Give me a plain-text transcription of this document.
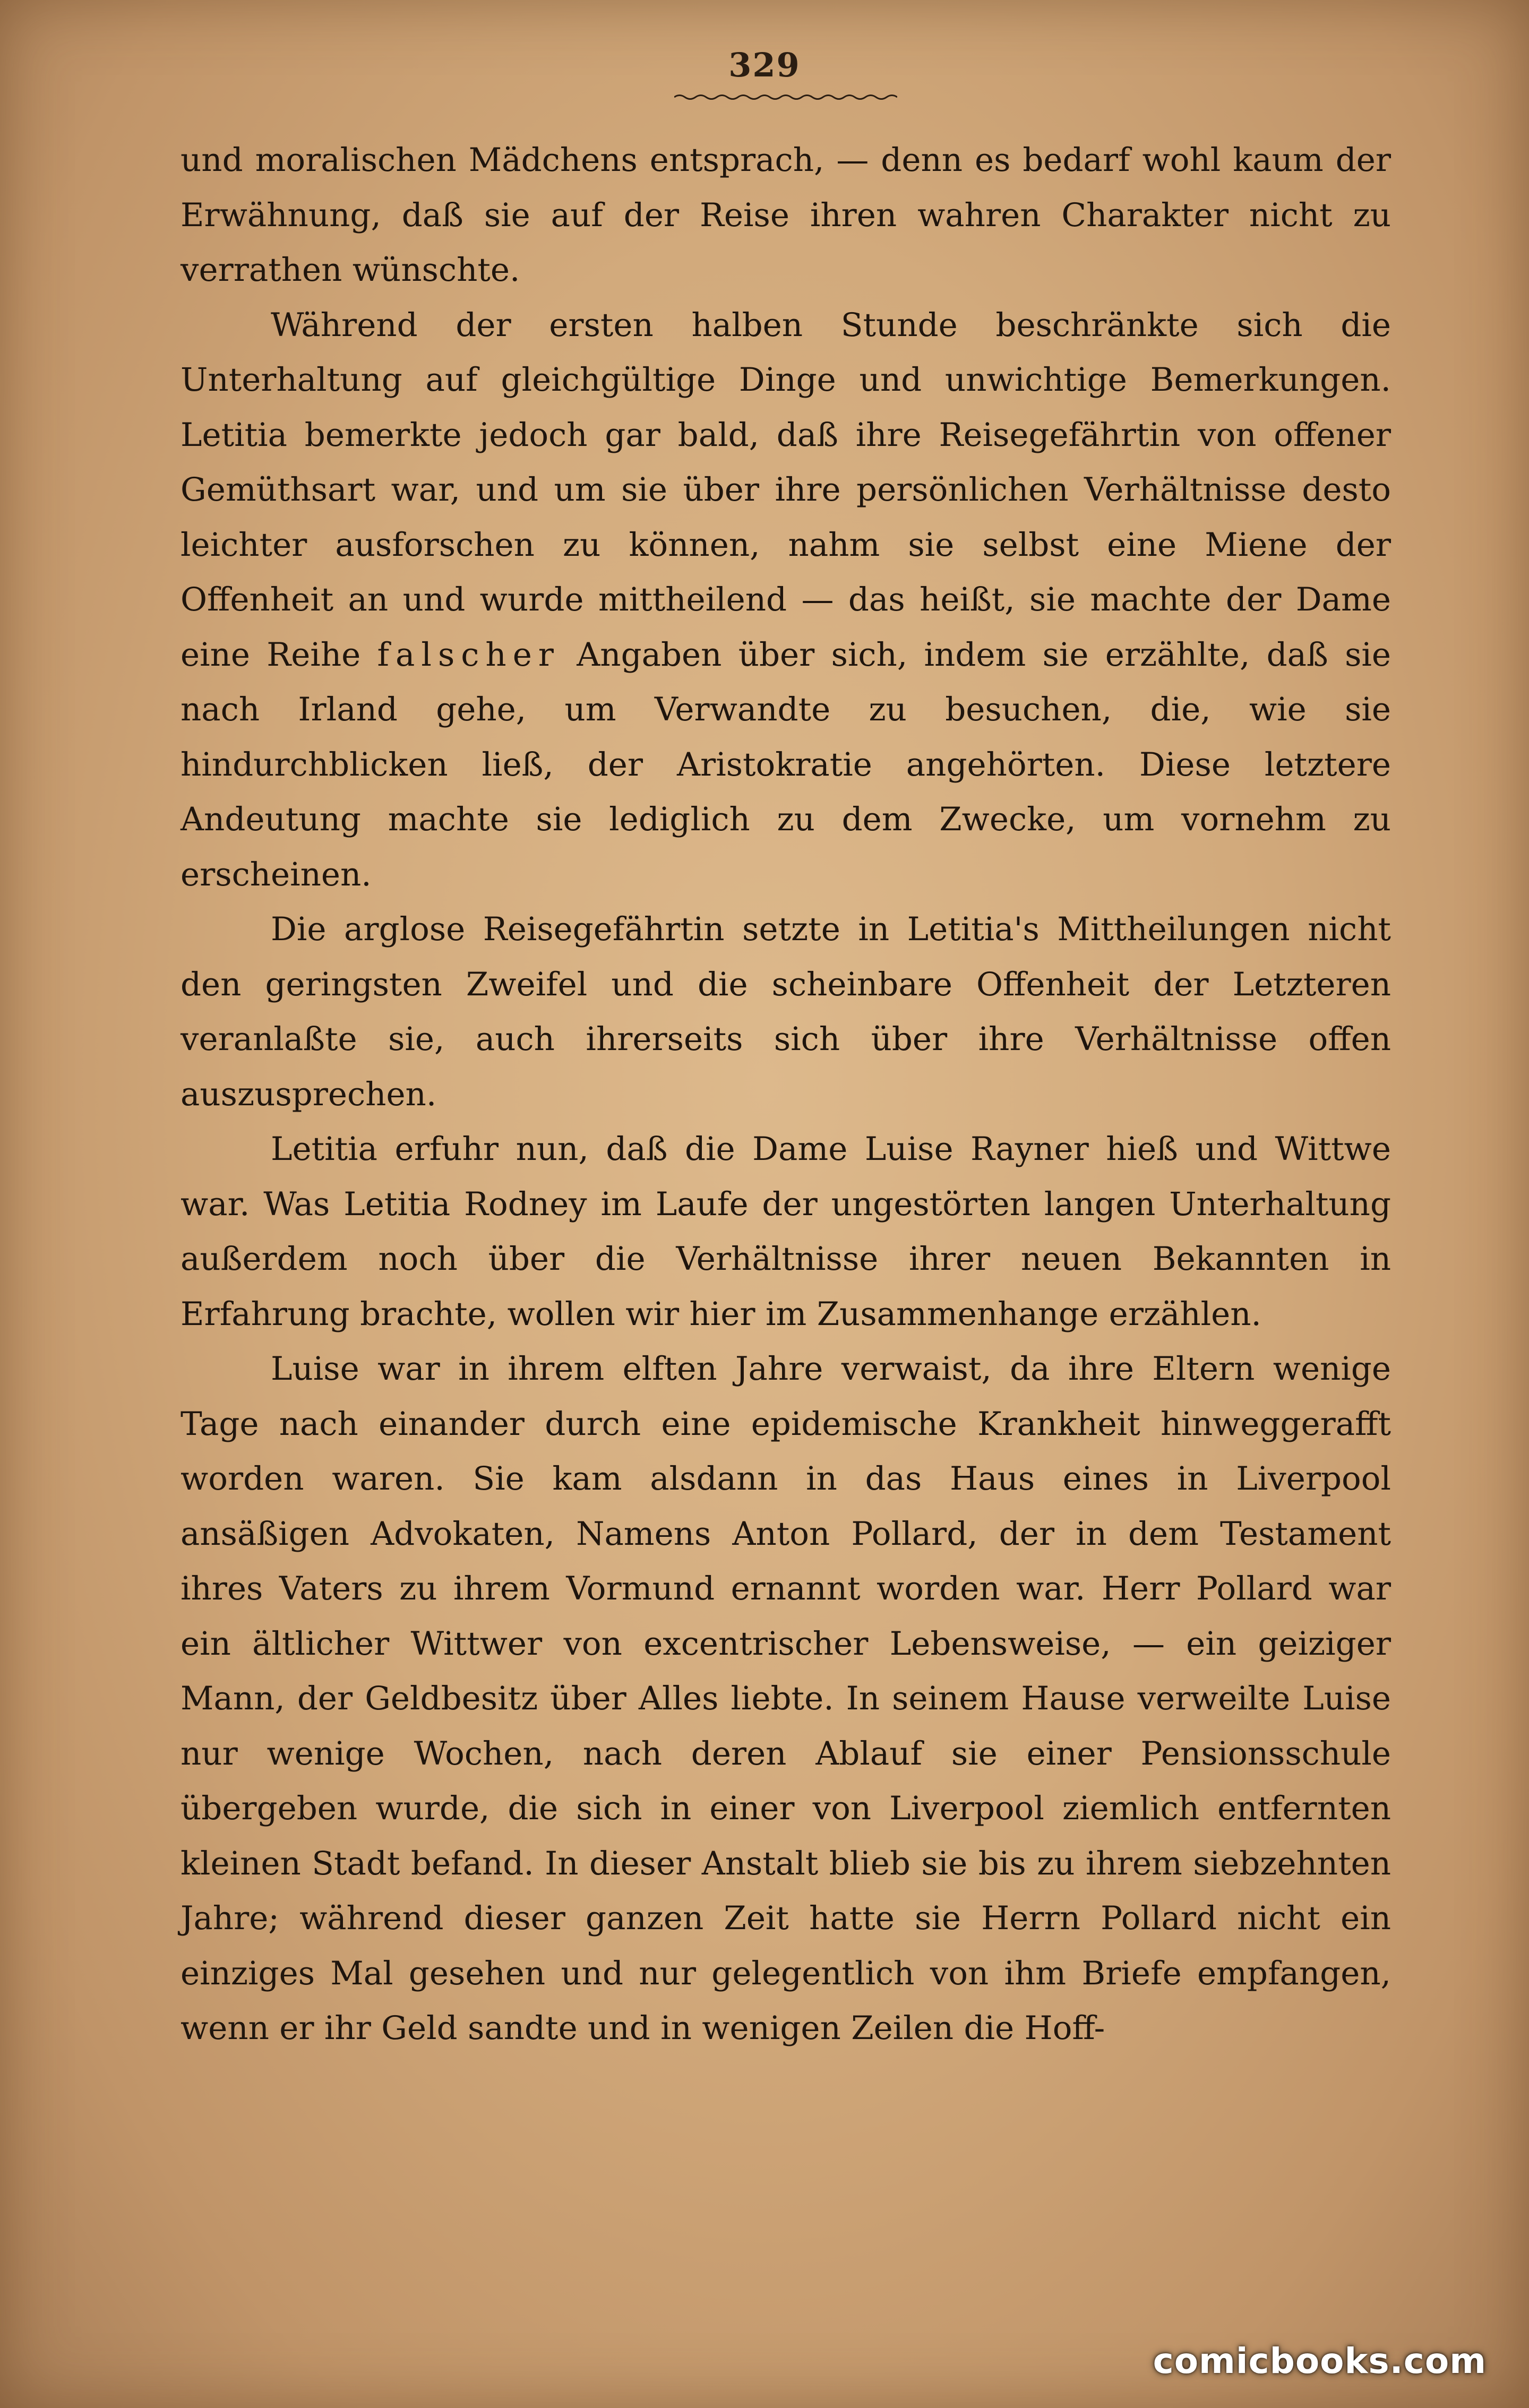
329

und moralischen Mädchens entsprach, — denn es bedarf wohl kaum der Erwähnung, daß sie auf der Reise ihren wahren Charakter nicht zu verrathen wünschte.

Während der ersten halben Stunde beschränkte sich die Unterhaltung auf gleichgültige Dinge und unwichtige Bemerkungen. Letitia bemerkte jedoch gar bald, daß ihre Reisegefährtin von offener Gemüthsart war, und um sie über ihre persönlichen Verhältnisse desto leichter ausforschen zu können, nahm sie selbst eine Miene der Offenheit an und wurde mittheilend — das heißt, sie machte der Dame eine Reihe falscher Angaben über sich, indem sie erzählte, daß sie nach Irland gehe, um Verwandte zu besuchen, die, wie sie hindurchblicken ließ, der Aristokratie angehörten. Diese letztere Andeutung machte sie lediglich zu dem Zwecke, um vornehm zu erscheinen.

Die arglose Reisegefährtin setzte in Letitia's Mittheilungen nicht den geringsten Zweifel und die scheinbare Offenheit der Letzteren veranlaßte sie, auch ihrerseits sich über ihre Verhältnisse offen auszusprechen.

Letitia erfuhr nun, daß die Dame Luise Rayner hieß und Wittwe war. Was Letitia Rodney im Laufe der ungestörten langen Unterhaltung außerdem noch über die Verhältnisse ihrer neuen Bekannten in Erfahrung brachte, wollen wir hier im Zusammenhange erzählen.

Luise war in ihrem elften Jahre verwaist, da ihre Eltern wenige Tage nach einander durch eine epidemische Krankheit hinweggerafft worden waren. Sie kam alsdann in das Haus eines in Liverpool ansäßigen Advokaten, Namens Anton Pollard, der in dem Testament ihres Vaters zu ihrem Vormund ernannt worden war. Herr Pollard war ein ältlicher Wittwer von excentrischer Lebensweise, — ein geiziger Mann, der Geldbesitz über Alles liebte. In seinem Hause verweilte Luise nur wenige Wochen, nach deren Ablauf sie einer Pensionsschule übergeben wurde, die sich in einer von Liverpool ziemlich entfernten kleinen Stadt befand. In dieser Anstalt blieb sie bis zu ihrem siebzehnten Jahre; während dieser ganzen Zeit hatte sie Herrn Pollard nicht ein einziges Mal gesehen und nur gelegentlich von ihm Briefe empfangen, wenn er ihr Geld sandte und in wenigen Zeilen die Hoff-

comicbooks.com
